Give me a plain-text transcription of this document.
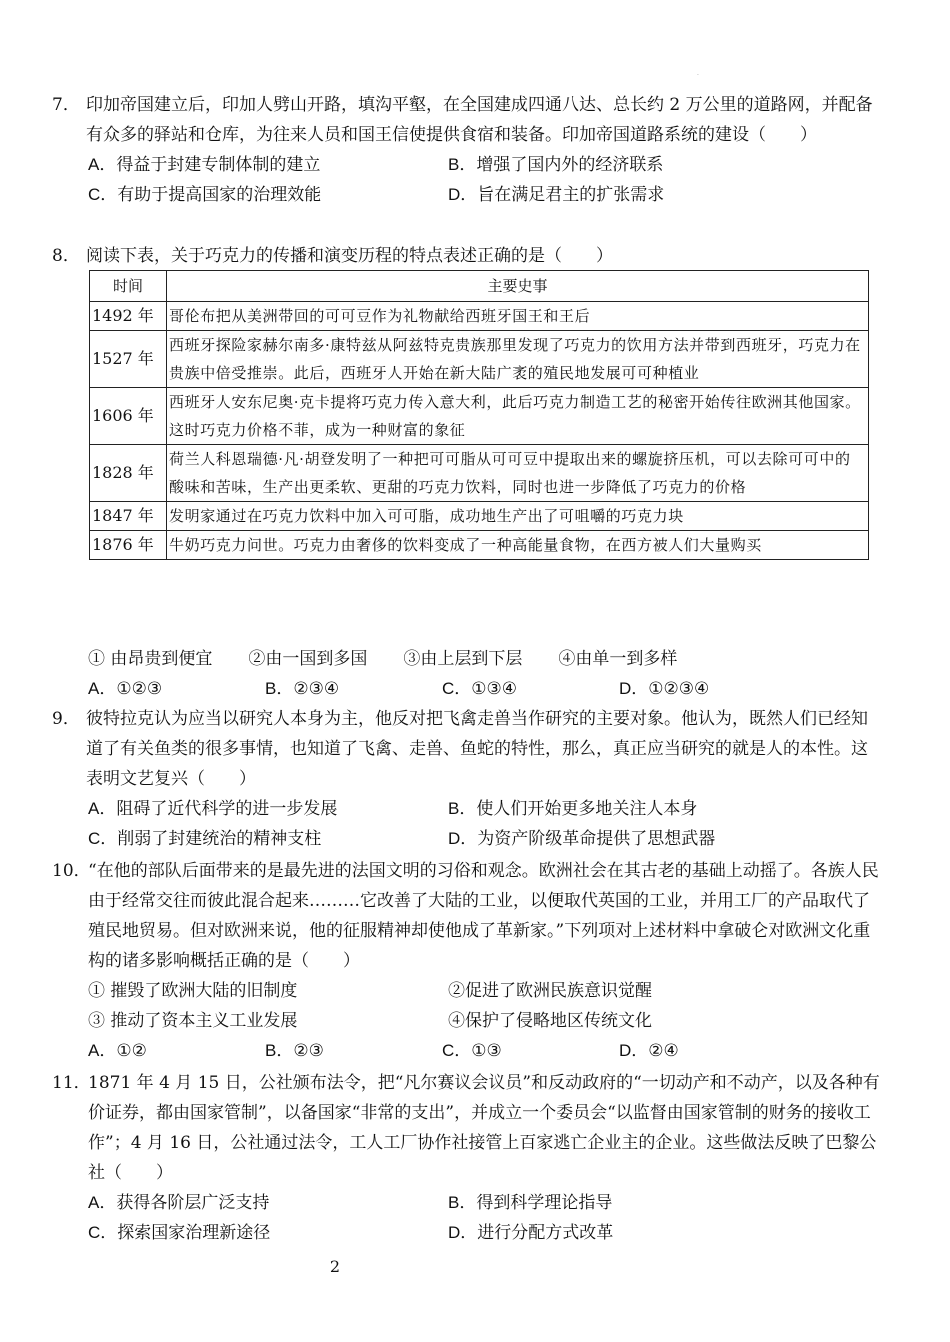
·

7． 印加帝国建立后，印加人劈山开路，填沟平壑，在全国建成四通八达、总长约 2 万公里的道路网，并配备有众多的驿站和仓库，为往来人员和国王信使提供食宿和装备。印加帝国道路系统的建设（　　）

A．得益于封建专制体制的建立	B．增强了国内外的经济联系
C．有助于提高国家的治理效能	D．旨在满足君主的扩张需求

8． 阅读下表，关于巧克力的传播和演变历程的特点表述正确的是（　　）

时间	主要史事
1492 年	哥伦布把从美洲带回的可可豆作为礼物献给西班牙国王和王后
1527 年	西班牙探险家赫尔南多·康特兹从阿兹特克贵族那里发现了巧克力的饮用方法并带到西班牙，巧克力在贵族中倍受推崇。此后，西班牙人开始在新大陆广袤的殖民地发展可可种植业
1606 年	西班牙人安东尼奥·克卡提将巧克力传入意大利，此后巧克力制造工艺的秘密开始传往欧洲其他国家。这时巧克力价格不菲，成为一种财富的象征
1828 年	荷兰人科恩瑞德·凡·胡登发明了一种把可可脂从可可豆中提取出来的螺旋挤压机，可以去除可可中的酸味和苦味，生产出更柔软、更甜的巧克力饮料，同时也进一步降低了巧克力的价格
1847 年	发明家通过在巧克力饮料中加入可可脂，成功地生产出了可咀嚼的巧克力块
1876 年	牛奶巧克力问世。巧克力由奢侈的饮料变成了一种高能量食物，在西方被人们大量购买
① 由昂贵到便宜 ②由一国到多国 ③由上层到下层 ④由单一到多样
A．①②③	B．②③④	C．①③④	D．①②③④

9． 彼特拉克认为应当以研究人本身为主，他反对把飞禽走兽当作研究的主要对象。他认为，既然人们已经知道了有关鱼类的很多事情，也知道了飞禽、走兽、鱼蛇的特性，那么，真正应当研究的就是人的本性。这表明文艺复兴（　　）

A．阻碍了近代科学的进一步发展	B．使人们开始更多地关注人本身
C．削弱了封建统治的精神支柱	D．为资产阶级革命提供了思想武器

10．“在他的部队后面带来的是最先进的法国文明的习俗和观念。欧洲社会在其古老的基础上动摇了。各族人民由于经常交往而彼此混合起来………它改善了大陆的工业，以便取代英国的工业，并用工厂的产品取代了殖民地贸易。但对欧洲来说，他的征服精神却使他成了革新家。”下列项对上述材料中拿破仑对欧洲文化重构的诸多影响概括正确的是（　　）

① 摧毁了欧洲大陆的旧制度	②促进了欧洲民族意识觉醒
③ 推动了资本主义工业发展	④保护了侵略地区传统文化
A．①②	B．②③	C．①③	D．②④

11．1871 年 4 月 15 日，公社颁布法令，把“凡尔赛议会议员”和反动政府的“一切动产和不动产，以及各种有价证券，都由国家管制”，以备国家“非常的支出”，并成立一个委员会“以监督由国家管制的财务的接收工作”；4 月 16 日，公社通过法令，工人工厂协作社接管上百家逃亡企业主的企业。这些做法反映了巴黎公社（　　）

A．获得各阶层广泛支持	B．得到科学理论指导
C．探索国家治理新途径	D．进行分配方式改革
2
